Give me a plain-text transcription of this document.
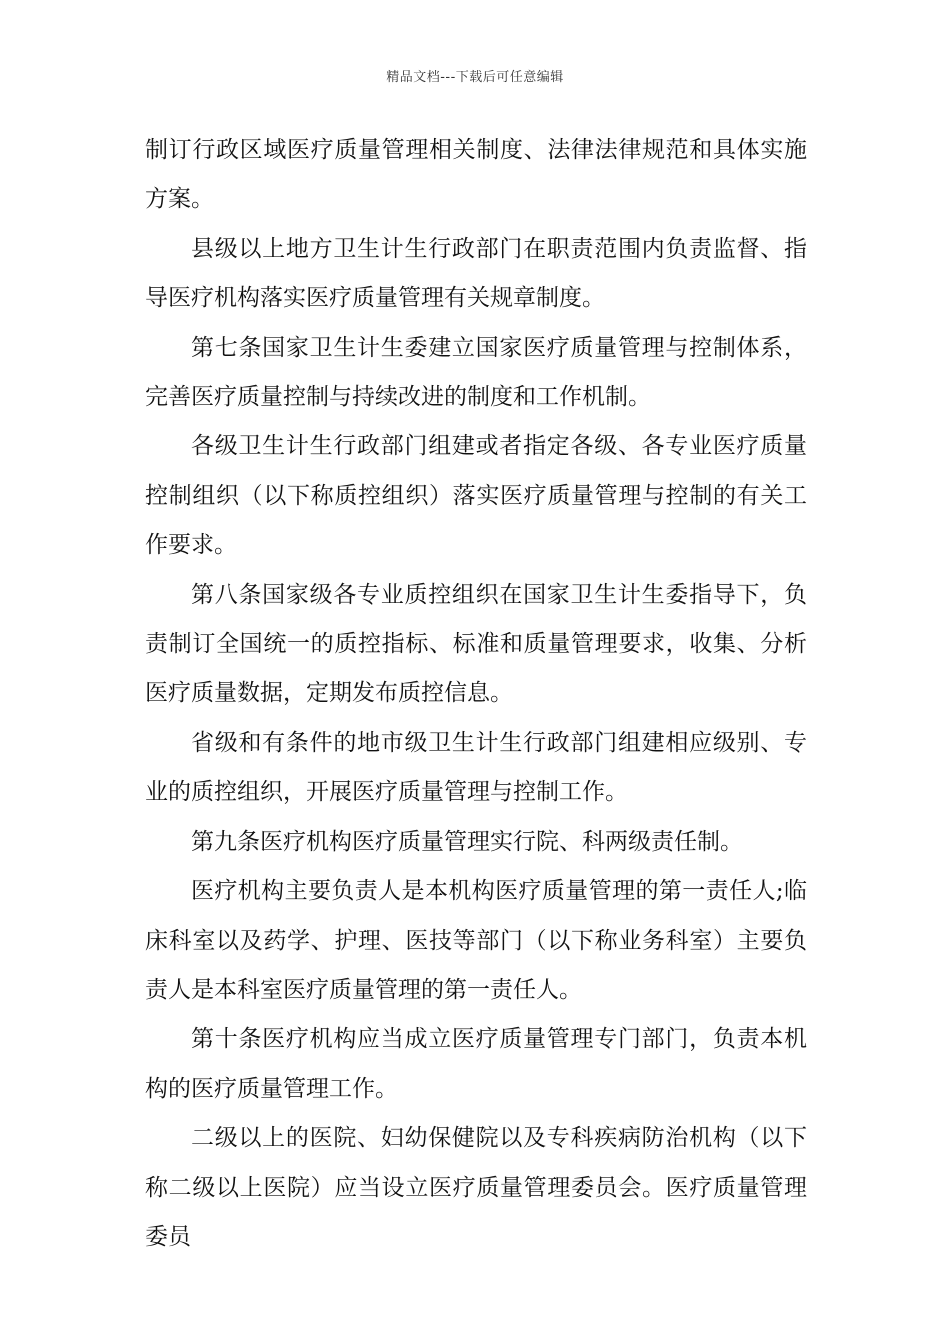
精品文档---下载后可任意编辑

制订行政区域医疗质量管理相关制度、法律法律规范和具体实施方案。

县级以上地方卫生计生行政部门在职责范围内负责监督、指导医疗机构落实医疗质量管理有关规章制度。

第七条国家卫生计生委建立国家医疗质量管理与控制体系，完善医疗质量控制与持续改进的制度和工作机制。

各级卫生计生行政部门组建或者指定各级、各专业医疗质量控制组织（以下称质控组织）落实医疗质量管理与控制的有关工作要求。

第八条国家级各专业质控组织在国家卫生计生委指导下，负责制订全国统一的质控指标、标准和质量管理要求，收集、分析医疗质量数据，定期发布质控信息。

省级和有条件的地市级卫生计生行政部门组建相应级别、专业的质控组织，开展医疗质量管理与控制工作。

第九条医疗机构医疗质量管理实行院、科两级责任制。

医疗机构主要负责人是本机构医疗质量管理的第一责任人;临床科室以及药学、护理、医技等部门（以下称业务科室）主要负责人是本科室医疗质量管理的第一责任人。

第十条医疗机构应当成立医疗质量管理专门部门，负责本机构的医疗质量管理工作。

二级以上的医院、妇幼保健院以及专科疾病防治机构（以下称二级以上医院）应当设立医疗质量管理委员会。医疗质量管理委员
